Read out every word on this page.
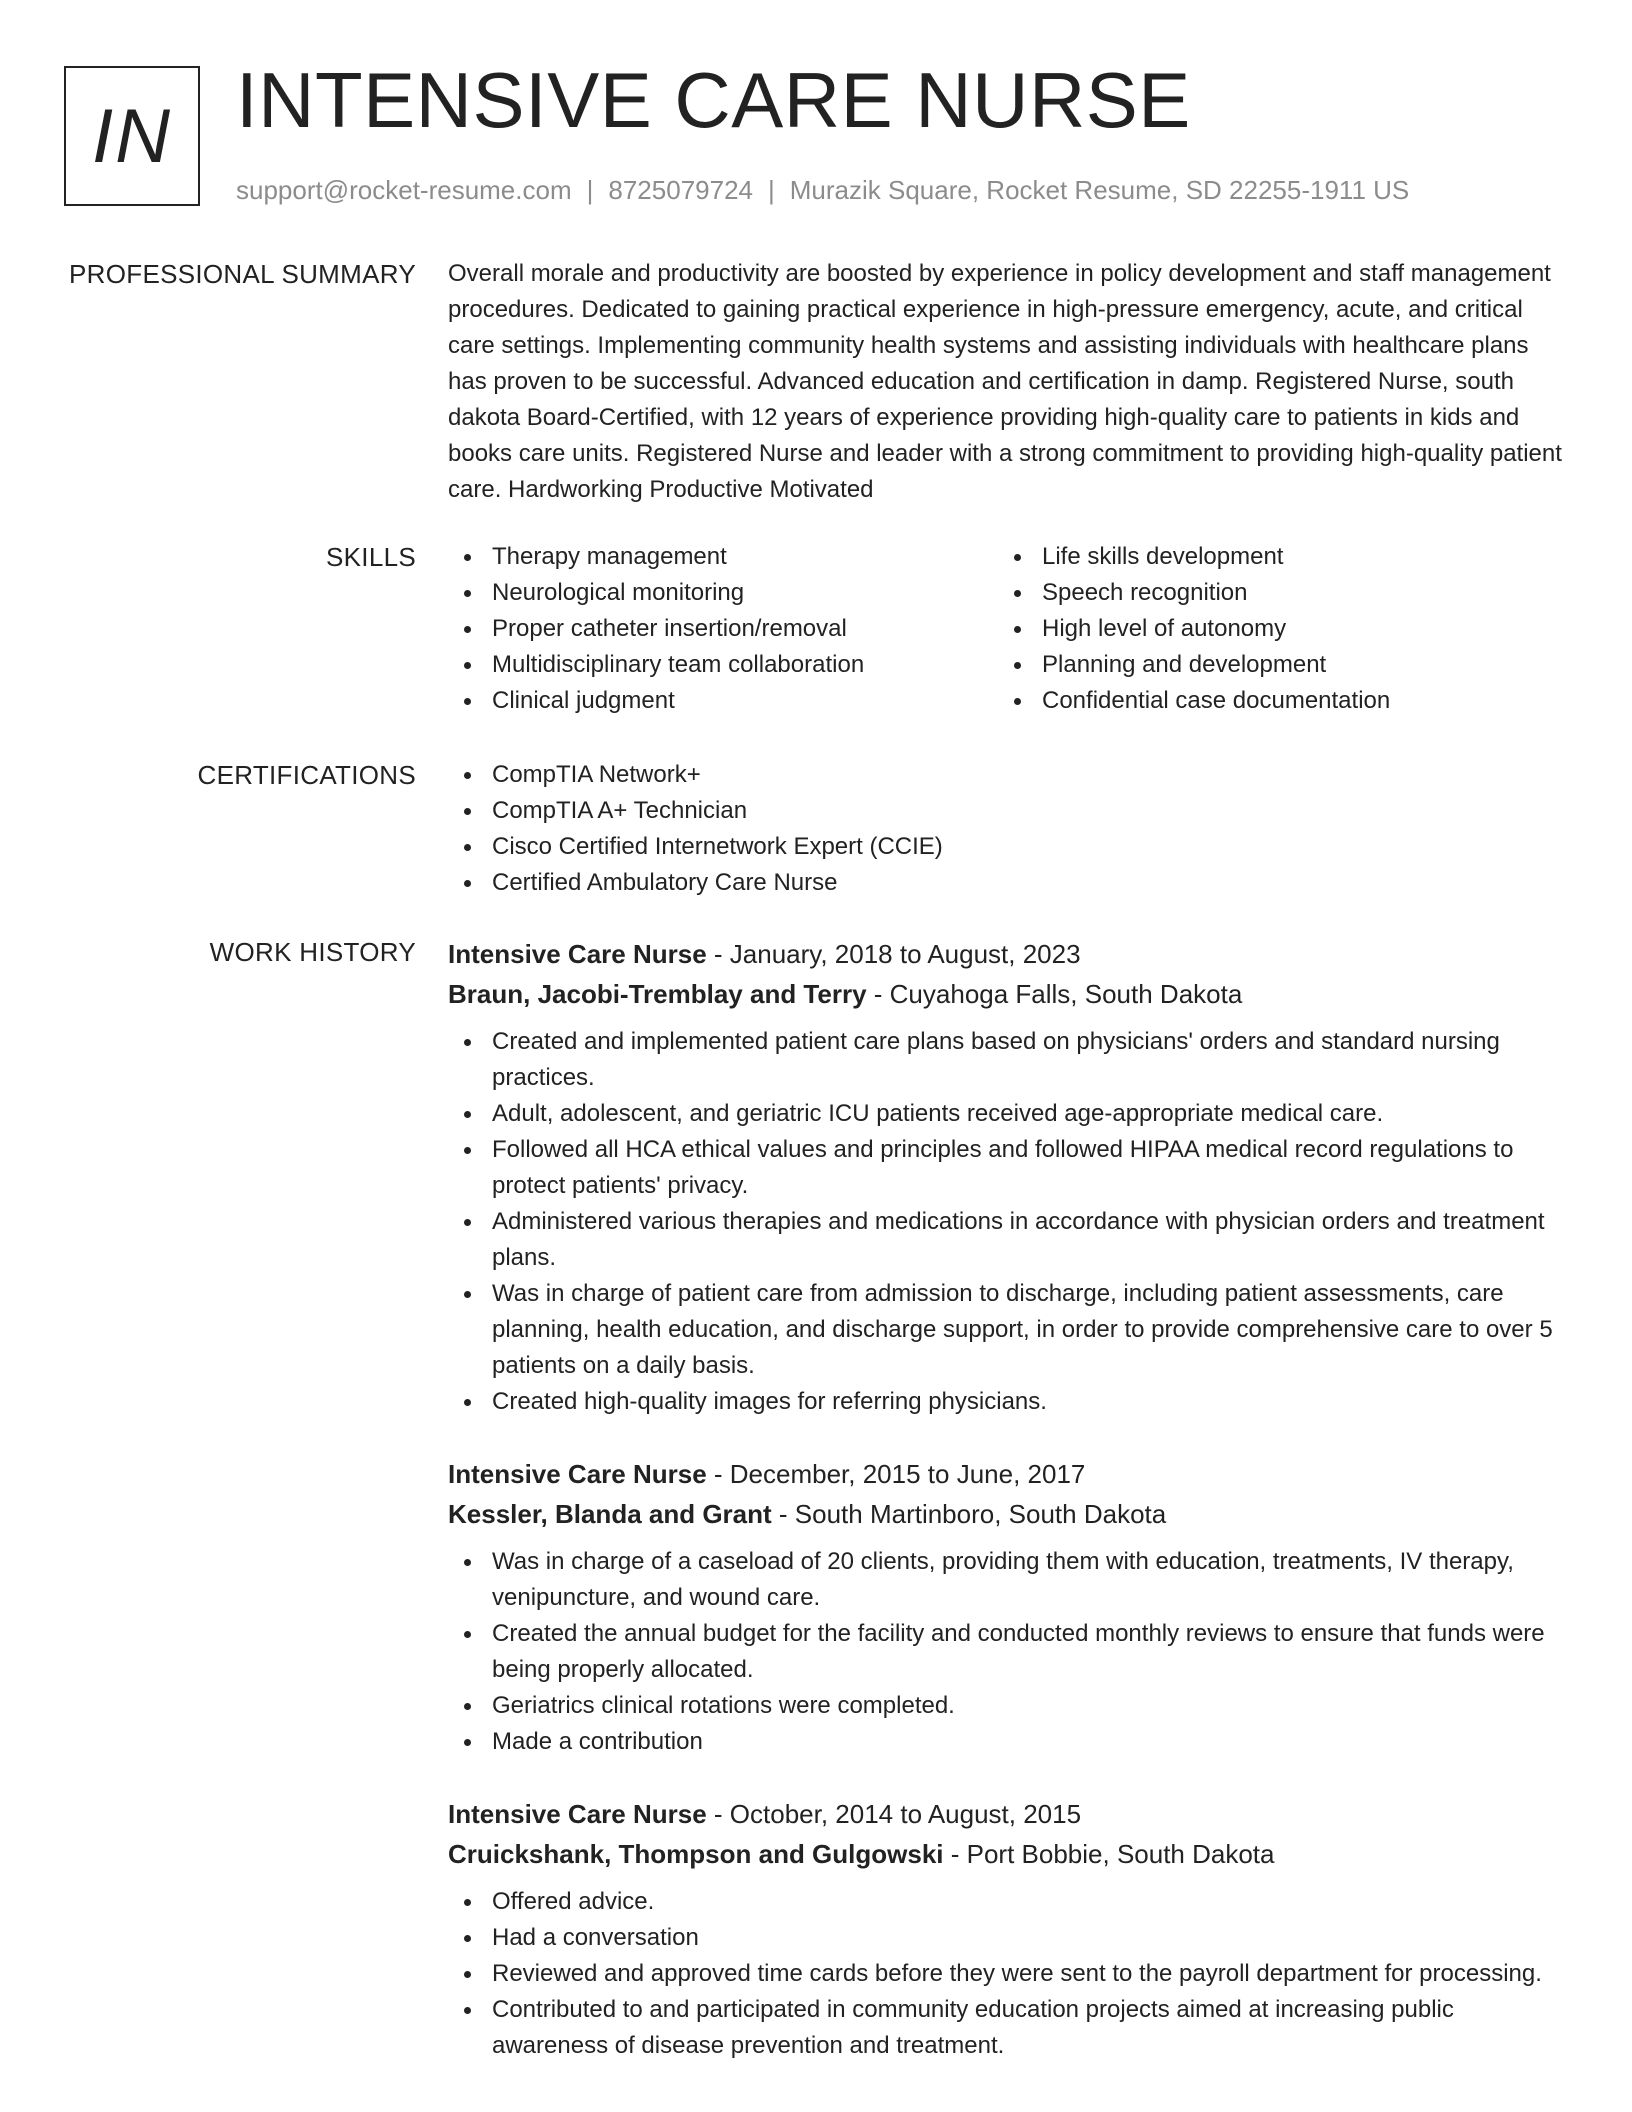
IN INTENSIVE CARE NURSE
support@rocket-resume.com | 8725079724 | Murazik Square, Rocket Resume, SD 22255-1911 US
PROFESSIONAL SUMMARY Overall morale and productivity are boosted by experience in policy development and staff management procedures. Dedicated to gaining practical experience in high-pressure emergency, acute, and critical care settings. Implementing community health systems and assisting individuals with healthcare plans has proven to be successful. Advanced education and certification in damp. Registered Nurse, south dakota Board-Certified, with 12 years of experience providing high-quality care to patients in kids and books care units. Registered Nurse and leader with a strong commitment to providing high-quality patient care. Hardworking Productive Motivated

SKILLS	Therapy management
Neurological monitoring
Proper catheter insertion/removal
Multidisciplinary team collaboration
Clinical judgment
Life skills development
Speech recognition
High level of autonomy
Planning and development
Confidential case documentation
CERTIFICATIONS	CompTIA Network+
CompTIA A+ Technician
Cisco Certified Internetwork Expert (CCIE)
Certified Ambulatory Care Nurse
WORK HISTORY Intensive Care Nurse - January, 2018 to August, 2023
Braun, Jacobi-Tremblay and Terry - Cuyahoga Falls, South Dakota
Created and implemented patient care plans based on physicians' orders and standard nursing practices.
Adult, adolescent, and geriatric ICU patients received age-appropriate medical care.
Followed all HCA ethical values and principles and followed HIPAA medical record regulations to protect patients' privacy.
Administered various therapies and medications in accordance with physician orders and treatment plans.
Was in charge of patient care from admission to discharge, including patient assessments, care planning, health education, and discharge support, in order to provide comprehensive care to over 5 patients on a daily basis.
Created high-quality images for referring physicians.
Intensive Care Nurse - December, 2015 to June, 2017
Kessler, Blanda and Grant - South Martinboro, South Dakota
Was in charge of a caseload of 20 clients, providing them with education, treatments, IV therapy, venipuncture, and wound care.
Created the annual budget for the facility and conducted monthly reviews to ensure that funds were being properly allocated.
Geriatrics clinical rotations were completed.
Made a contribution
Intensive Care Nurse - October, 2014 to August, 2015
Cruickshank, Thompson and Gulgowski - Port Bobbie, South Dakota
Offered advice.
Had a conversation
Reviewed and approved time cards before they were sent to the payroll department for processing.
Contributed to and participated in community education projects aimed at increasing public awareness of disease prevention and treatment.
